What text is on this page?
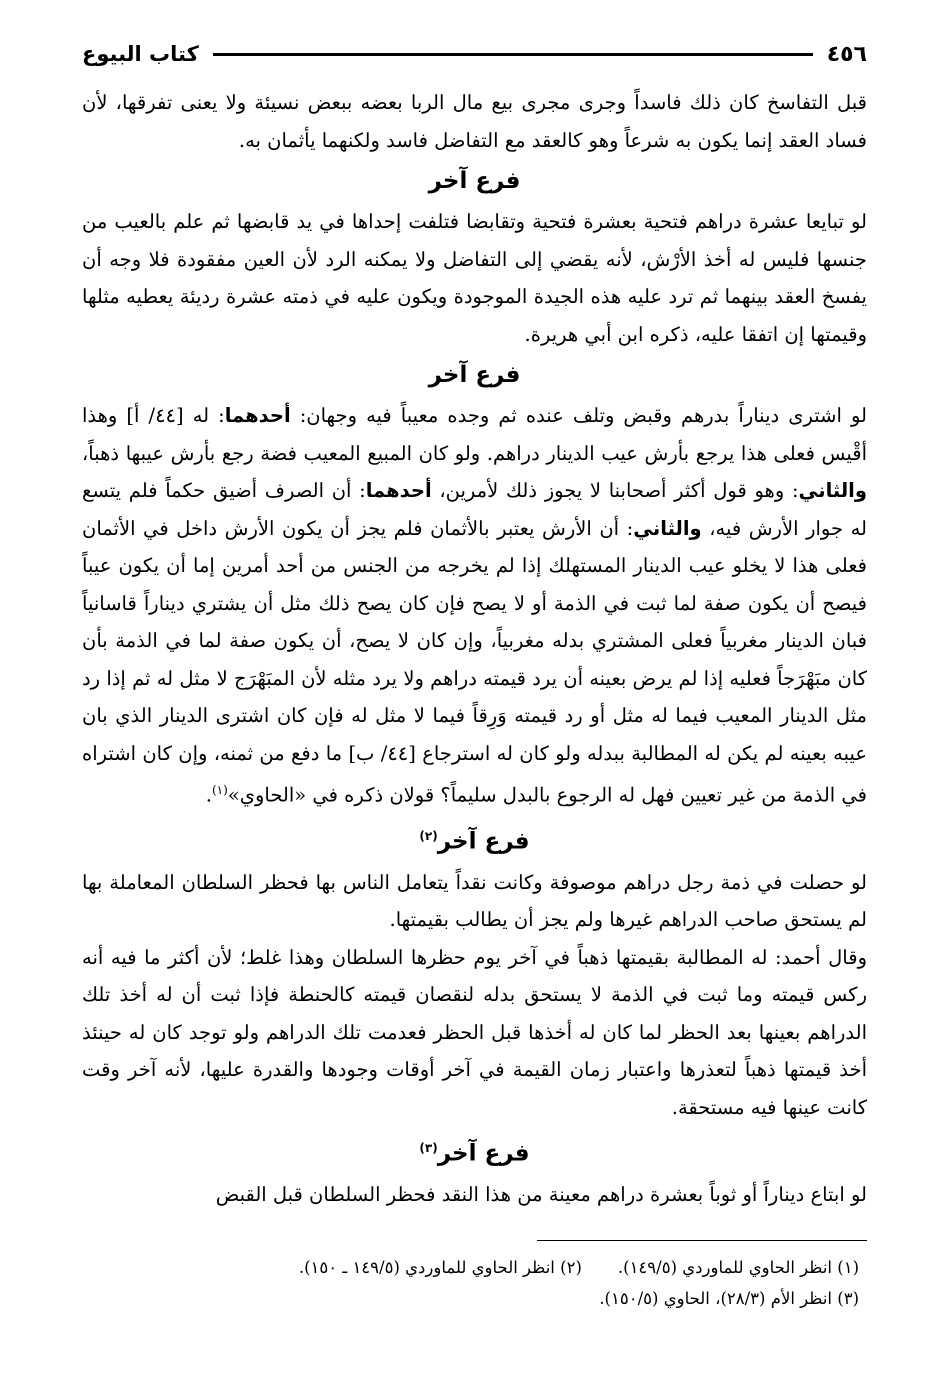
٤٥٦
كتاب البيوع

قبل التفاسخ كان ذلك فاسداً وجرى مجرى بيع مال الربا بعضه ببعض نسيئة ولا يعنى تفرقها، لأن فساد العقد إنما يكون به شرعاً وهو كالعقد مع التفاضل فاسد ولكنهما يأثمان به.

فرع آخر

لو تبايعا عشرة دراهم فتحية بعشرة فتحية وتقابضا فتلفت إحداها في يد قابضها ثم علم بالعيب من جنسها فليس له أخذ الأرْش، لأنه يقضي إلى التفاضل ولا يمكنه الرد لأن العين مفقودة فلا وجه أن يفسخ العقد بينهما ثم ترد عليه هذه الجيدة الموجودة ويكون عليه في ذمته عشرة رديئة يعطيه مثلها وقيمتها إن اتفقا عليه، ذكره ابن أبي هريرة.

فرع آخر

لو اشترى ديناراً بدرهم وقبض وتلف عنده ثم وجده معيباً فيه وجهان: أحدهما: له [٤٤/ أ] وهذا أقْيس فعلى هذا يرجع بأرش عيب الدينار دراهم. ولو كان المبيع المعيب فضة رجع بأرش عيبها ذهباً، والثاني: وهو قول أكثر أصحابنا لا يجوز ذلك لأمرين، أحدهما: أن الصرف أضيق حكماً فلم يتسع له جوار الأرش فيه، والثاني: أن الأرش يعتبر بالأثمان فلم يجز أن يكون الأرش داخل في الأثمان فعلى هذا لا يخلو عيب الدينار المستهلك إذا لم يخرجه من الجنس من أحد أمرين إما أن يكون عيباً فيصح أن يكون صفة لما ثبت في الذمة أو لا يصح فإن كان يصح ذلك مثل أن يشتري ديناراً قاسانياً فبان الدينار مغربياً فعلى المشتري بدله مغربياً، وإن كان لا يصح، أن يكون صفة لما في الذمة بأن كان مبَهْرَجاً فعليه إذا لم يرض بعينه أن يرد قيمته دراهم ولا يرد مثله لأن المبَهْرَج لا مثل له ثم إذا رد مثل الدينار المعيب فيما له مثل أو رد قيمته وَرِقاً فيما لا مثل له فإن كان اشترى الدينار الذي بان عيبه بعينه لم يكن له المطالبة ببدله ولو كان له استرجاع [٤٤/ ب] ما دفع من ثمنه، وإن كان اشتراه في الذمة من غير تعيين فهل له الرجوع بالبدل سليماً؟ قولان ذكره في «الحاوي»$^{(١)}$.

فرع آخر$^{(٢)}$

لو حصلت في ذمة رجل دراهم موصوفة وكانت نقداً يتعامل الناس بها فحظر السلطان المعاملة بها لم يستحق صاحب الدراهم غيرها ولم يجز أن يطالب بقيمتها.

وقال أحمد: له المطالبة بقيمتها ذهباً في آخر يوم حظرها السلطان وهذا غلط؛ لأن أكثر ما فيه أنه ركس قيمته وما ثبت في الذمة لا يستحق بدله لنقصان قيمته كالحنطة فإذا ثبت أن له أخذ تلك الدراهم بعينها بعد الحظر لما كان له أخذها قبل الحظر فعدمت تلك الدراهم ولو توجد كان له حينئذ أخذ قيمتها ذهباً لتعذرها واعتبار زمان القيمة في آخر أوقات وجودها والقدرة عليها، لأنه آخر وقت كانت عينها فيه مستحقة.

فرع آخر$^{(٣)}$

لو ابتاع ديناراً أو ثوباً بعشرة دراهم معينة من هذا النقد فحظر السلطان قبل القبض

(١) انظر الحاوي للماوردي (١٤٩/٥).
(٢) انظر الحاوي للماوردي (١٤٩/٥ ـ ١٥٠).
(٣) انظر الأم (٢٨/٣)، الحاوي (١٥٠/٥).
